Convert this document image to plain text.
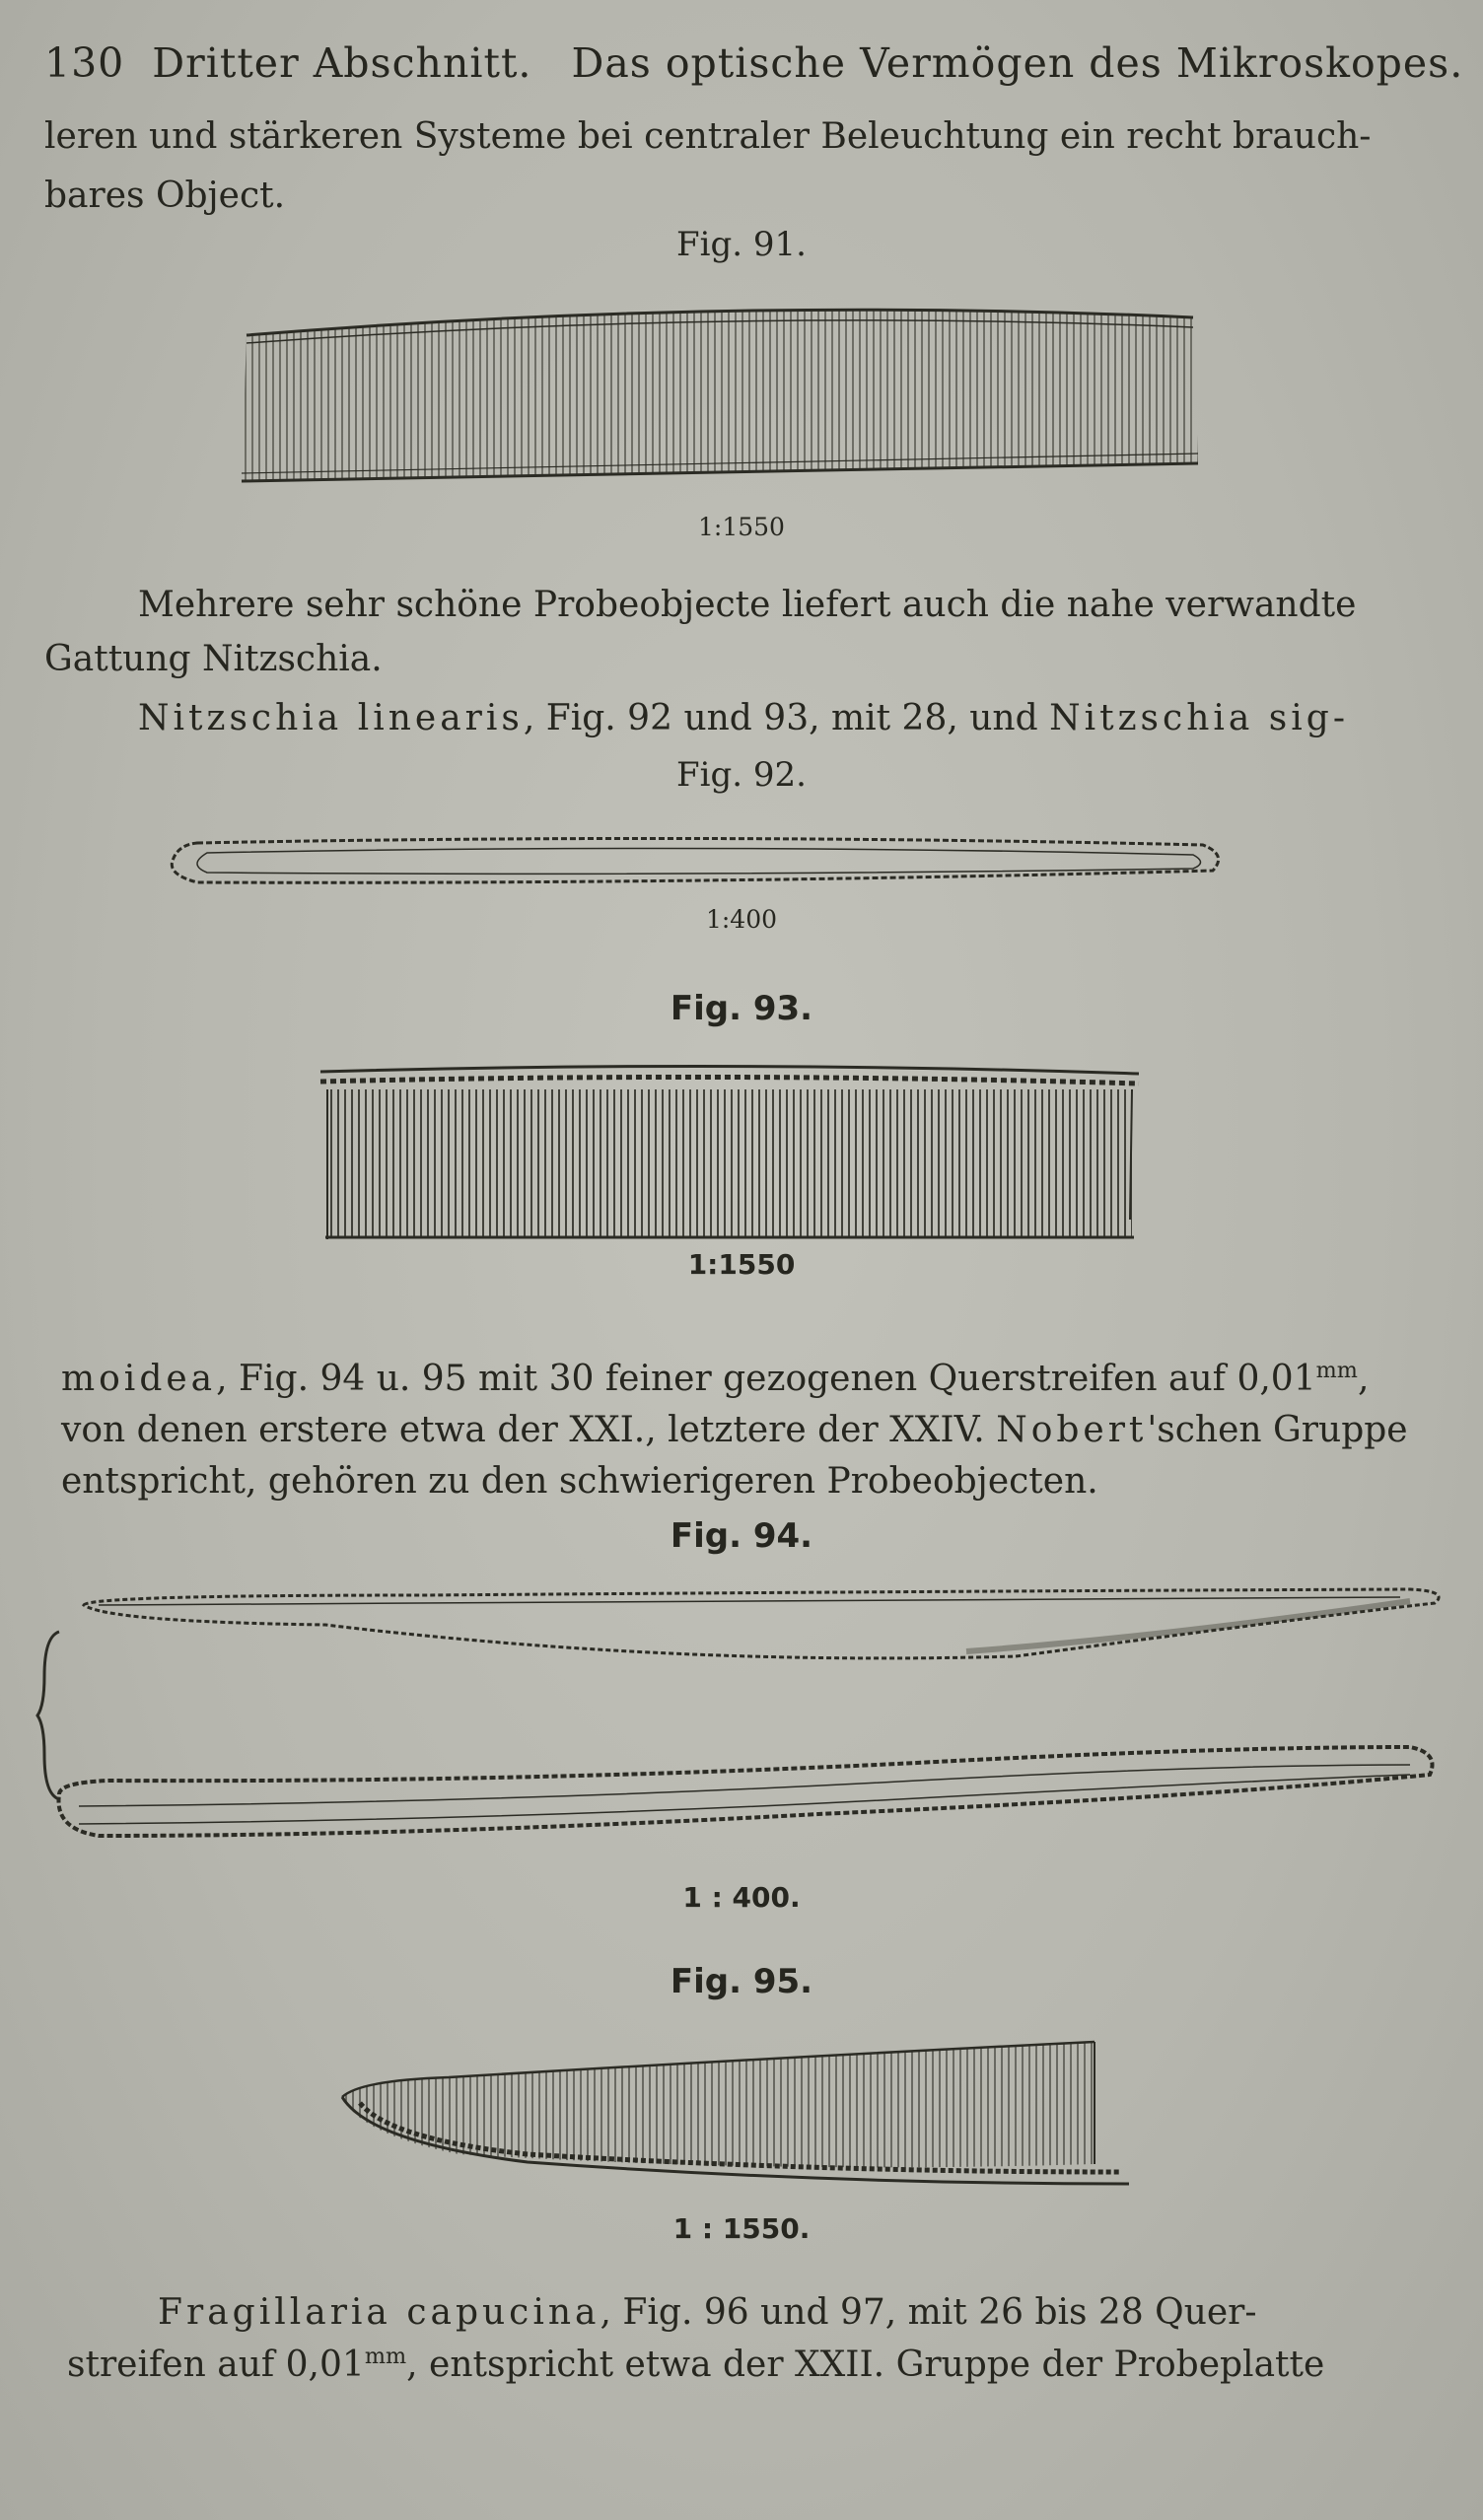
130 Dritter Abschnitt. Das optische Vermögen des Mikroskopes.
leren und stärkeren Systeme bei centraler Beleuchtung ein recht brauch-
bares Object.
Fig. 91.
1:1550
Mehrere sehr schöne Probeobjecte liefert auch die nahe verwandte
Gattung Nitzschia.
Nitzschia linearis, Fig. 92 und 93, mit 28, und Nitzschia sig-
Fig. 92.
1:400
Fig. 93.
1:1550
moidea, Fig. 94 u. 95 mit 30 feiner gezogenen Querstreifen auf $0,01^{mm}$,
von denen erstere etwa der XXI., letztere der XXIV. Nobert'schen Gruppe
entspricht, gehören zu den schwierigeren Probeobjecten.
Fig. 94.
1 : 400.
Fig. 95.
1 : 1550.
Fragillaria capucina, Fig. 96 und 97, mit 26 bis 28 Quer-
streifen auf $0,01^{mm}$, entspricht etwa der XXII. Gruppe der Probeplatte
